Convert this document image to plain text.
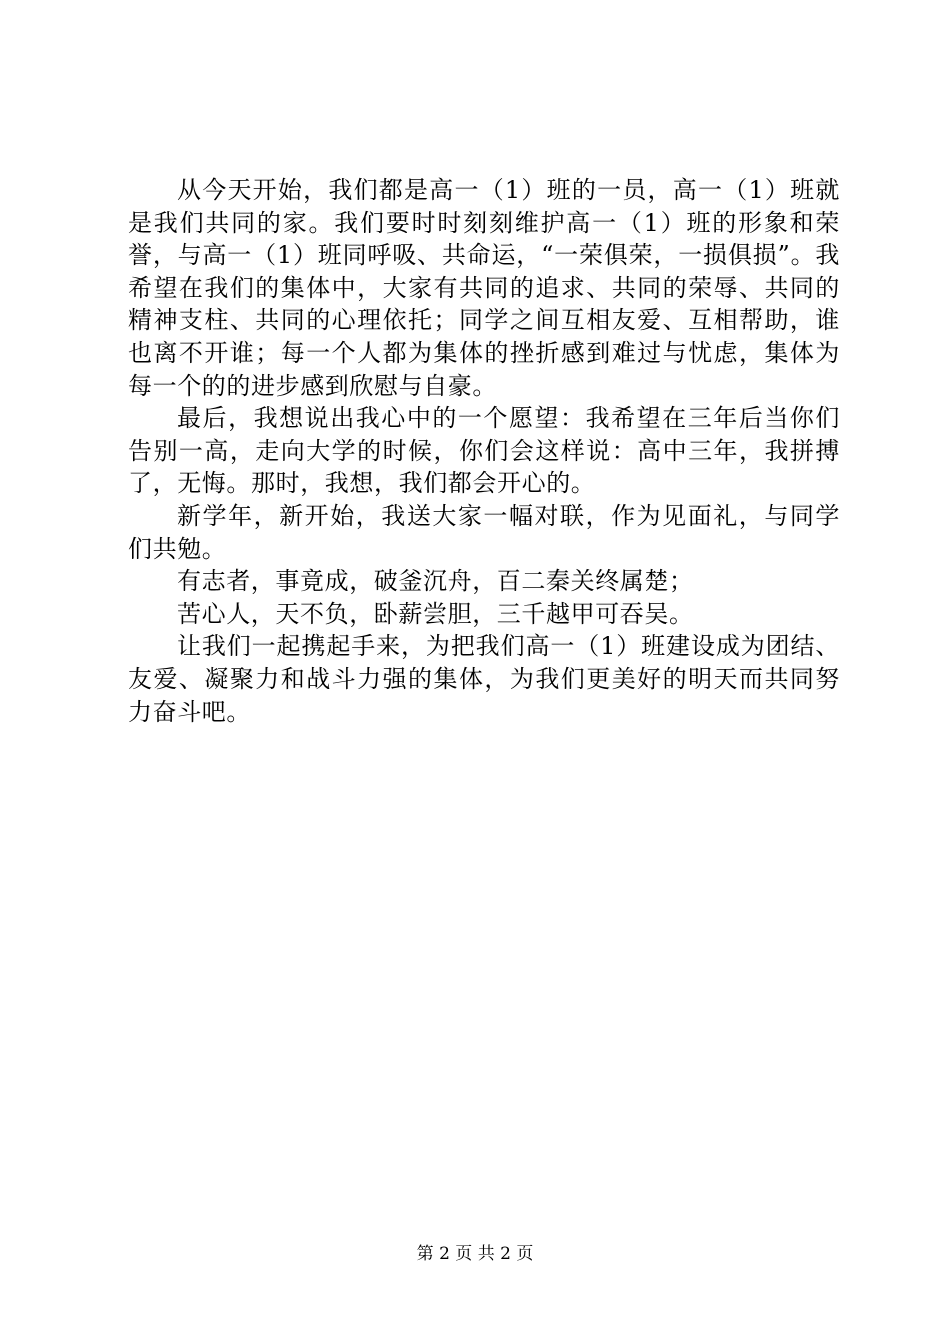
从今天开始，我们都是高一（1）班的一员，高一（1）班就是我们共同的家。我们要时时刻刻维护高一（1）班的形象和荣誉，与高一（1）班同呼吸、共命运，“一荣俱荣，一损俱损”。我希望在我们的集体中，大家有共同的追求、共同的荣辱、共同的精神支柱、共同的心理依托；同学之间互相友爱、互相帮助，谁也离不开谁；每一个人都为集体的挫折感到难过与忧虑，集体为每一个的的进步感到欣慰与自豪。

最后，我想说出我心中的一个愿望：我希望在三年后当你们告别一高，走向大学的时候，你们会这样说：高中三年，我拼搏了，无悔。那时，我想，我们都会开心的。

新学年，新开始，我送大家一幅对联，作为见面礼，与同学们共勉。

有志者，事竟成，破釜沉舟，百二秦关终属楚；

苦心人，天不负，卧薪尝胆，三千越甲可吞吴。

让我们一起携起手来，为把我们高一（1）班建设成为团结、友爱、凝聚力和战斗力强的集体，为我们更美好的明天而共同努力奋斗吧。

第 2 页 共 2 页
